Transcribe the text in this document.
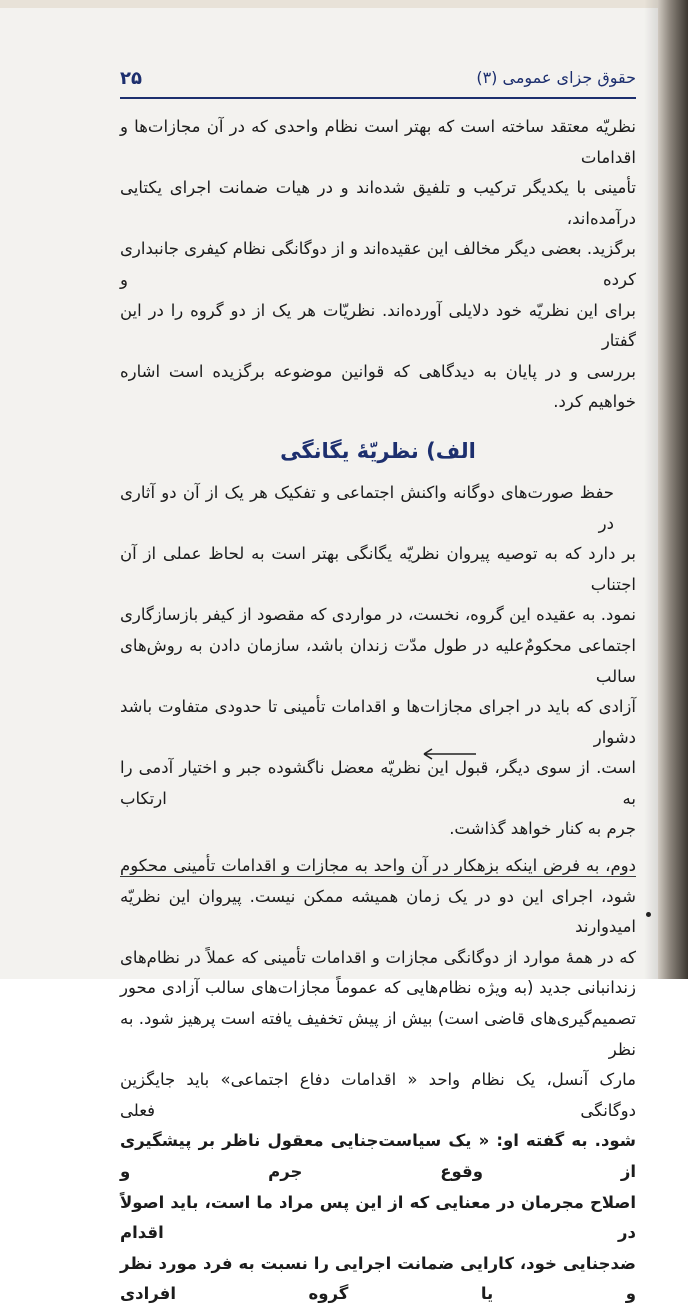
حقوق جزای عمومی (۳)
۲۵

نظریّه معتقد ساخته است که بهتر است نظام واحدی که در آن مجازات‌ها و اقدامات
تأمینی با یکدیگر ترکیب و تلفیق شده‌اند و در هیات ضمانت اجرای یکتایی درآمده‌اند،
برگزید. بعضی دیگر مخالف این عقیده‌اند و از دوگانگی نظام کیفری جانبداری کرده و
برای این نظریّه خود دلایلی آورده‌اند. نظریّات هر یک از دو گروه را در این گفتار
بررسی و در پایان به دیدگاهی که قوانین موضوعه برگزیده است اشاره خواهیم کرد.

الف) نظریّهٔ یگانگی

حفظ صورت‌های دوگانه واکنش اجتماعی و تفکیک هر یک از آن دو آثاری در
بر دارد که به توصیه پیروان نظریّه یگانگی بهتر است به لحاظ عملی از آن اجتناب
نمود. به عقیده این گروه، نخست، در مواردی که مقصود از کیفر بازسازگاری
اجتماعی محکومٌ‌علیه در طول مدّت زندان باشد، سازمان دادن به روش‌های سالب
آزادی که باید در اجرای مجازات‌ها و اقدامات تأمینی تا حدودی متفاوت باشد دشوار
است. از سوی دیگر، قبول این نظریّه معضل ناگشوده جبر و اختیار آدمی را به ارتکاب
جرم به کنار خواهد گذاشت.

دوم، به فرض اینکه بزهکار در آن واحد به مجازات و اقدامات تأمینی محکوم
شود، اجرای این دو در یک زمان همیشه ممکن نیست. پیروان این نظریّه امیدوارند
که در همهٔ موارد از دوگانگی مجازات و اقدامات تأمینی که عملاً در نظام‌های
زندانبانی جدید (به ویژه نظام‌هایی که عموماً مجازات‌های سالب آزادی محور
تصمیم‌گیری‌های قاضی است) بیش از پیش تخفیف یافته است پرهیز شود. به نظر
مارک آنسل، یک نظام واحد « اقدامات دفاع اجتماعی» باید جایگزین دوگانگی فعلی
شود. به گفته او: « یک سیاست‌جنایی معقول ناظر بر پیشگیری از وقوع جرم و
اصلاح مجرمان در معنایی که از این پس مراد ما است، باید اصولاً در اقدام
ضدجنایی خود، کارایی ضمانت اجرایی را نسبت به فرد مورد نظر و یا گروه افرادی
